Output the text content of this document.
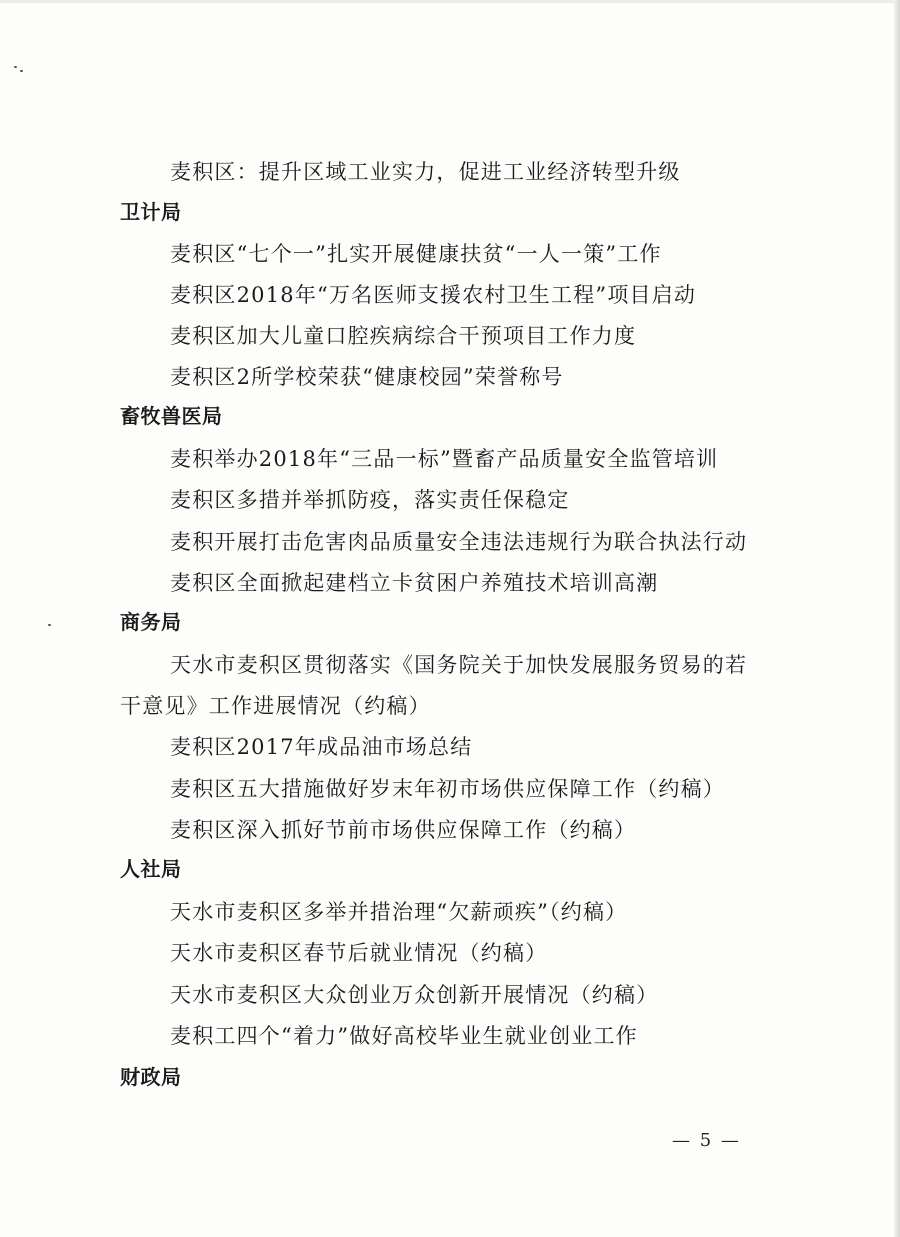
麦积区：提升区域工业实力，促进工业经济转型升级
卫计局
麦积区“七个一”扎实开展健康扶贫“一人一策”工作
麦积区2018年“万名医师支援农村卫生工程”项目启动
麦积区加大儿童口腔疾病综合干预项目工作力度
麦积区2所学校荣获“健康校园”荣誉称号
畜牧兽医局
麦积举办2018年“三品一标”暨畜产品质量安全监管培训
麦积区多措并举抓防疫，落实责任保稳定
麦积开展打击危害肉品质量安全违法违规行为联合执法行动
麦积区全面掀起建档立卡贫困户养殖技术培训高潮
商务局
天水市麦积区贯彻落实《国务院关于加快发展服务贸易的若
干意见》工作进展情况（约稿）
麦积区2017年成品油市场总结
麦积区五大措施做好岁末年初市场供应保障工作（约稿）
麦积区深入抓好节前市场供应保障工作（约稿）
人社局
天水市麦积区多举并措治理“欠薪顽疾”（约稿）
天水市麦积区春节后就业情况（约稿）
天水市麦积区大众创业万众创新开展情况（约稿）
麦积工四个“着力”做好高校毕业生就业创业工作
财政局
— 5 —
